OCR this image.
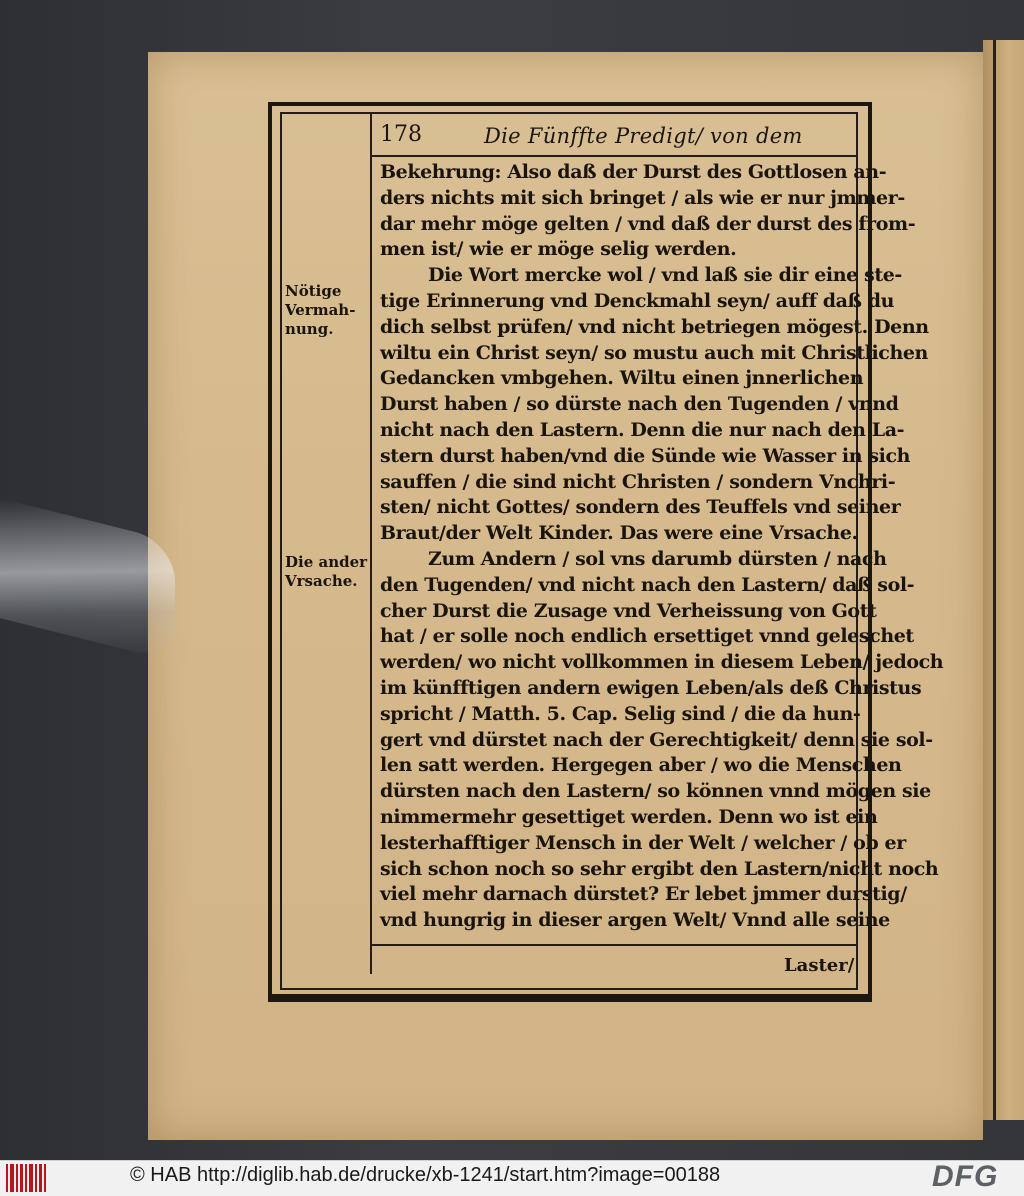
178	Die Fünffte Predigt/ von dem
Nötige Vermah-nung.
Die ander Vrsache.
Bekehrung: Also daß der Durst des Gottlosen an-
ders nichts mit sich bringet / als wie er nur jmmer-
dar mehr möge gelten / vnd daß der durst des from-
men ist/ wie er möge selig werden.
Die Wort mercke wol / vnd laß sie dir eine ste-
tige Erinnerung vnd Denckmahl seyn/ auff daß du
dich selbst prüfen/ vnd nicht betriegen mögest. Denn
wiltu ein Christ seyn/ so mustu auch mit Christlichen
Gedancken vmbgehen. Wiltu einen jnnerlichen
Durst haben / so dürste nach den Tugenden / vnnd
nicht nach den Lastern. Denn die nur nach den La-
stern durst haben/vnd die Sünde wie Wasser in sich
sauffen / die sind nicht Christen / sondern Vnchri-
sten/ nicht Gottes/ sondern des Teuffels vnd seiner
Braut/der Welt Kinder. Das were eine Vrsache.
Zum Andern / sol vns darumb dürsten / nach
den Tugenden/ vnd nicht nach den Lastern/ daß sol-
cher Durst die Zusage vnd Verheissung von Gott
hat / er solle noch endlich ersettiget vnnd geleschet
werden/ wo nicht vollkommen in diesem Leben/ jedoch
im künfftigen andern ewigen Leben/als deß Christus
spricht / Matth. 5. Cap. Selig sind / die da hun-
gert vnd dürstet nach der Gerechtigkeit/ denn sie sol-
len satt werden. Hergegen aber / wo die Menschen
dürsten nach den Lastern/ so können vnnd mögen sie
nimmermehr gesettiget werden. Denn wo ist ein
lesterhafftiger Mensch in der Welt / welcher / ob er
sich schon noch so sehr ergibt den Lastern/nicht noch
viel mehr darnach dürstet? Er lebet jmmer durstig/
vnd hungrig in dieser argen Welt/ Vnnd alle seine
Laster/
© HAB http://diglib.hab.de/drucke/xb-1241/start.htm?image=00188	DFG
